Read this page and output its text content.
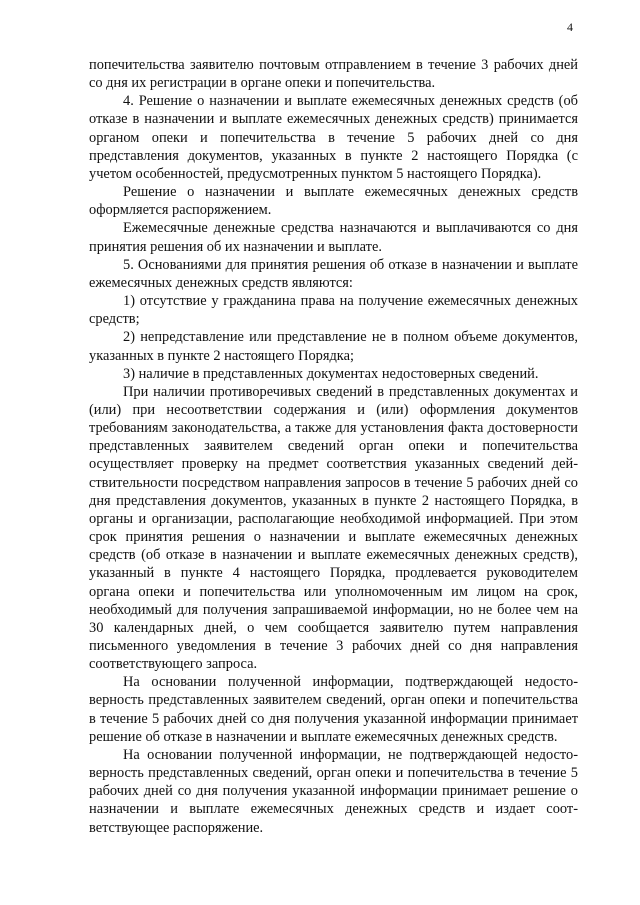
4

попечительства заявителю почтовым отправлением в течение 3 рабочих дней со дня их регистрации в органе опеки и попечительства.

4. Решение о назначении и выплате ежемесячных денежных средств (об отказе в назначении и выплате ежемесячных денежных средств) принимается органом опеки и попечительства в течение 5 рабочих дней со дня представления документов, указанных в пункте 2 настоящего Порядка (с учетом особенностей, предусмотренных пунктом 5 настоящего Порядка).

Решение о назначении и выплате ежемесячных денежных средств оформляется распоряжением.

Ежемесячные денежные средства назначаются и выплачиваются со дня принятия решения об их назначении и выплате.

5. Основаниями для принятия решения об отказе в назначении и выплате ежемесячных денежных средств являются:

1) отсутствие у гражданина права на получение ежемесячных денежных средств;

2) непредставление или представление не в полном объеме документов, указанных в пункте 2 настоящего Порядка;

3) наличие в представленных документах недостоверных сведений.

При наличии противоречивых сведений в представленных документах и (или) при несоответствии содержания и (или) оформления документов требованиям законодательства, а также для установления факта достоверности представленных заявителем сведений орган опеки и попечительства осуществляет проверку на предмет соответствия указанных сведений действительности посредством направления запросов в течение 5 рабочих дней со дня представления документов, указанных в пункте 2 настоящего Порядка, в органы и организации, располагающие необходимой информацией. При этом срок принятия решения о назначении и выплате ежемесячных денежных средств (об отказе в назначении и выплате ежемесячных денежных средств), указанный в пункте 4 настоящего Порядка, продлевается руководителем органа опеки и попечительства или уполномоченным им лицом на срок, необходимый для получения запрашиваемой информации, но не более чем на 30 календарных дней, о чем сообщается заявителю путем направления письменного уведомления в течение 3 рабочих дней со дня направления соответствующего запроса.

На основании полученной информации, подтверждающей недостоверность представленных заявителем сведений, орган опеки и попечительства в течение 5 рабочих дней со дня получения указанной информации принимает решение об отказе в назначении и выплате ежемесячных денежных средств.

На основании полученной информации, не подтверждающей недостоверность представленных сведений, орган опеки и попечительства в течение 5 рабочих дней со дня получения указанной информации принимает решение о назначении и выплате ежемесячных денежных средств и издает соответствующее распоряжение.
